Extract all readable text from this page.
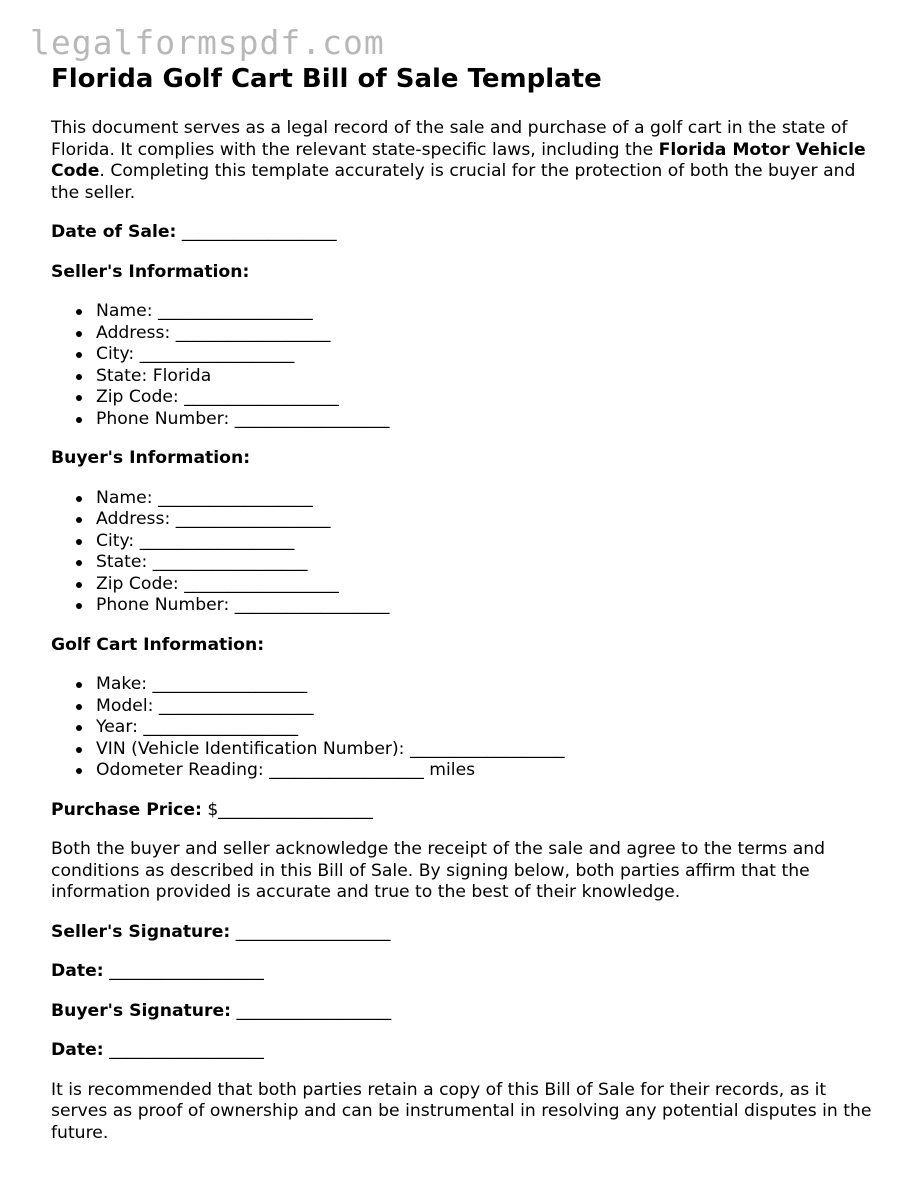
legalformspdf.com
Florida Golf Cart Bill of Sale Template

This document serves as a legal record of the sale and purchase of a golf cart in the state of Florida. It complies with the relevant state-specific laws, including the Florida Motor Vehicle Code. Completing this template accurately is crucial for the protection of both the buyer and the seller.

Date of Sale: __________________

Seller's Information:

Name: __________________
Address: __________________
City: __________________
State: Florida
Zip Code: __________________
Phone Number: __________________

Buyer's Information:

Name: __________________
Address: __________________
City: __________________
State: __________________
Zip Code: __________________
Phone Number: __________________

Golf Cart Information:

Make: __________________
Model: __________________
Year: __________________
VIN (Vehicle Identification Number): __________________
Odometer Reading: __________________ miles

Purchase Price: $__________________

Both the buyer and seller acknowledge the receipt of the sale and agree to the terms and conditions as described in this Bill of Sale. By signing below, both parties affirm that the information provided is accurate and true to the best of their knowledge.

Seller's Signature: __________________

Date: __________________

Buyer's Signature: __________________

Date: __________________

It is recommended that both parties retain a copy of this Bill of Sale for their records, as it serves as proof of ownership and can be instrumental in resolving any potential disputes in the future.
